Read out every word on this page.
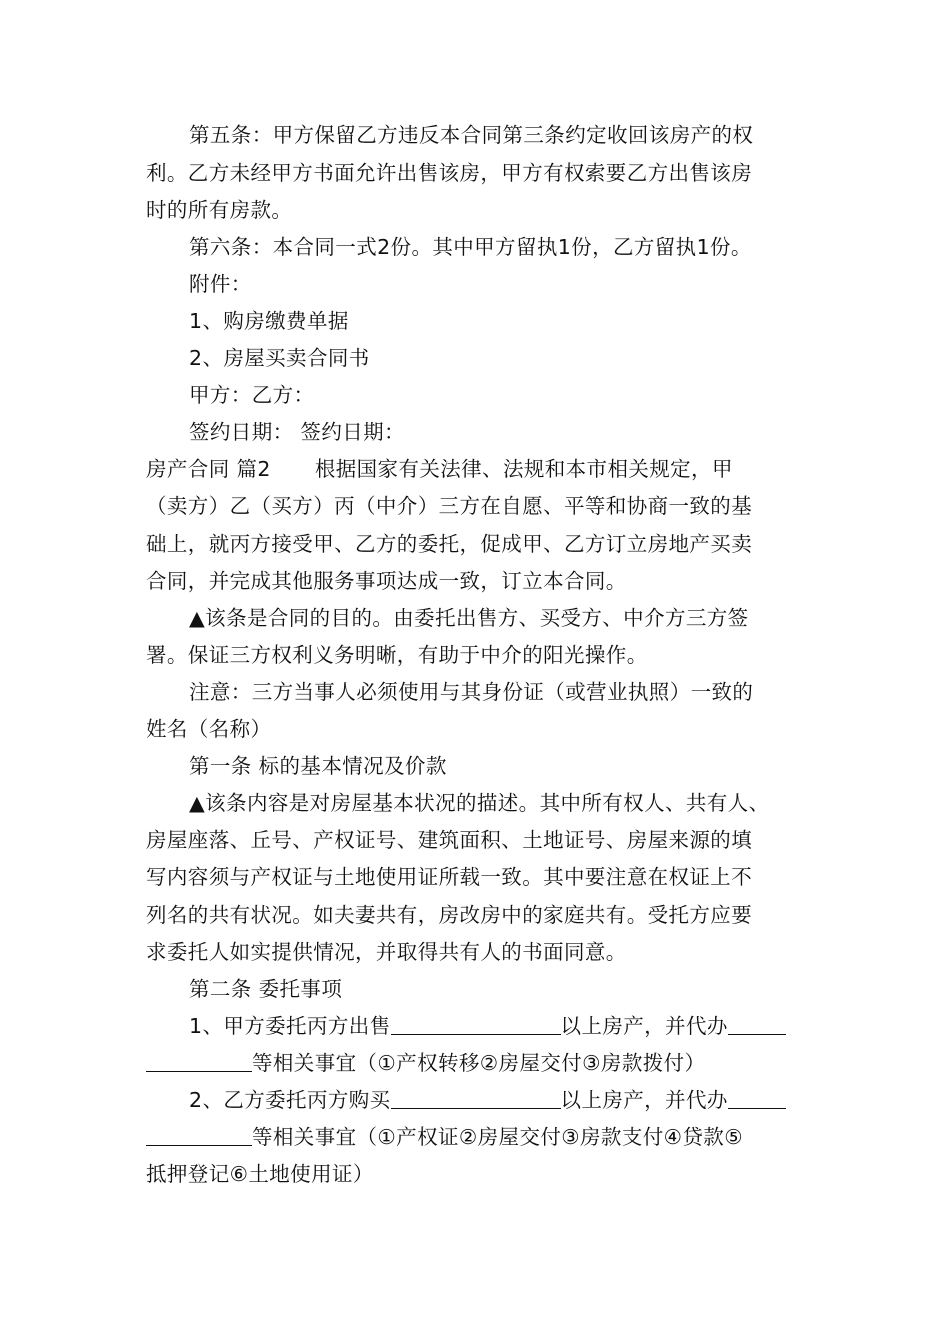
第五条：甲方保留乙方违反本合同第三条约定收回该房产的权
利。乙方未经甲方书面允许出售该房，甲方有权索要乙方出售该房
时的所有房款。
第六条：本合同一式2份。其中甲方留执1份，乙方留执1份。
附件：
1、购房缴费单据
2、房屋买卖合同书
甲方：乙方：
签约日期： 签约日期：
房产合同 篇2 根据国家有关法律、法规和本市相关规定，甲
（卖方）乙（买方）丙（中介）三方在自愿、平等和协商一致的基
础上，就丙方接受甲、乙方的委托，促成甲、乙方订立房地产买卖
合同，并完成其他服务事项达成一致，订立本合同。
▲该条是合同的目的。由委托出售方、买受方、中介方三方签
署。保证三方权利义务明晰，有助于中介的阳光操作。
注意：三方当事人必须使用与其身份证（或营业执照）一致的
姓名（名称）
第一条 标的基本情况及价款
▲该条内容是对房屋基本状况的描述。其中所有权人、共有人、
房屋座落、丘号、产权证号、建筑面积、土地证号、房屋来源的填
写内容须与产权证与土地使用证所载一致。其中要注意在权证上不
列名的共有状况。如夫妻共有，房改房中的家庭共有。受托方应要
求委托人如实提供情况，并取得共有人的书面同意。
第二条 委托事项
1、甲方委托丙方出售	以上房产，并代办
等相关事宜（①产权转移②房屋交付③房款拨付）
2、乙方委托丙方购买	以上房产，并代办
等相关事宜（①产权证②房屋交付③房款支付④贷款⑤
抵押登记⑥土地使用证）
